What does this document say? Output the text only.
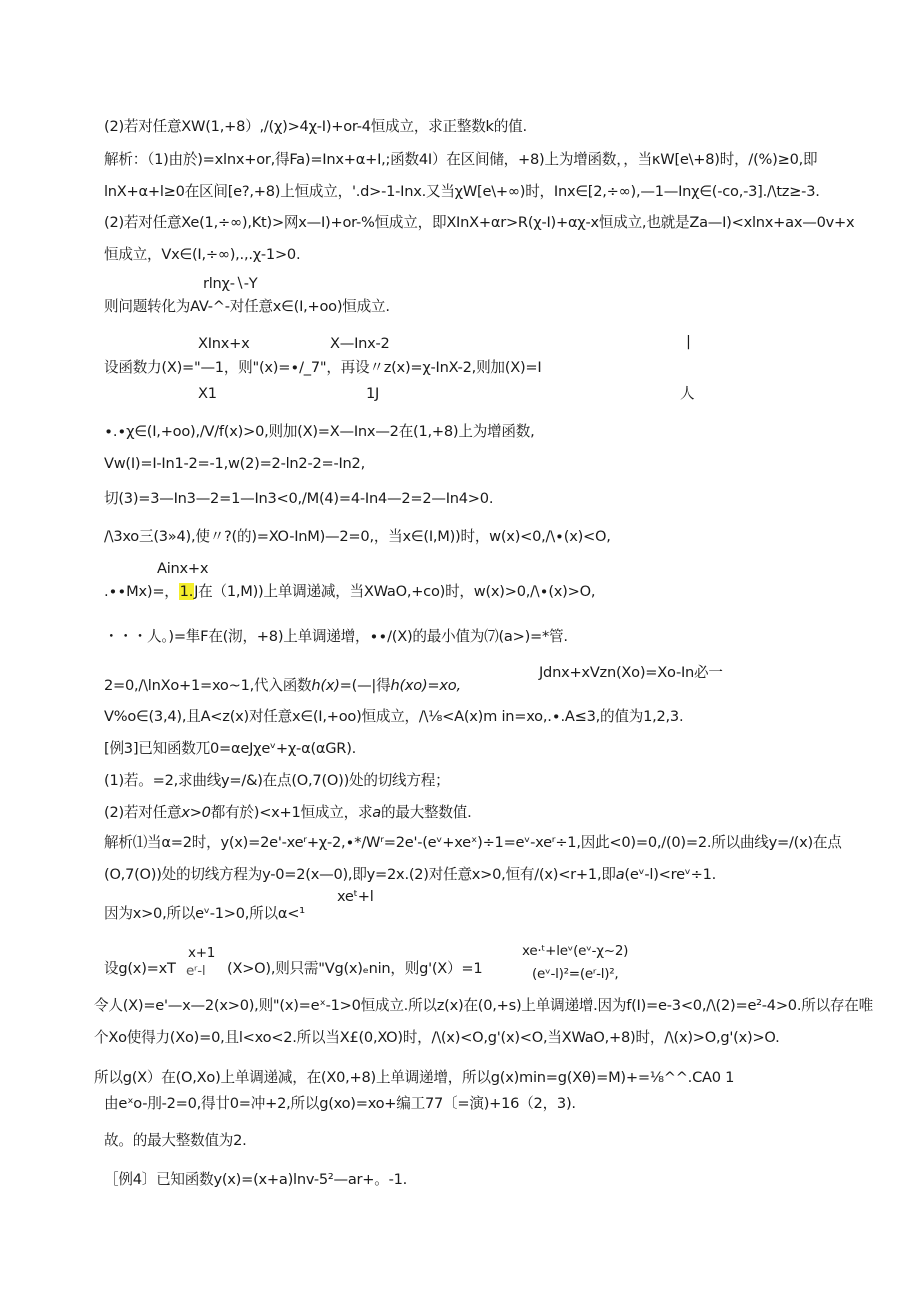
(2)若对任意XW(1,+8）,/(χ)>4χ-I)+or-4恒成立，求正整数k的值.
解析：（1)由於)=xlnx+or,得Fa)=Inx+α+I,;函数4I）在区间储，+8)上为增函数，，当κW[e\+8)时，/(%)≥0,即
lnX+α+l≥0在区间[e?,+8)上恒成立，'.d>-1-Inx.又当χW[e\+∞)时，Inx∈[2,÷∞),—1—Inχ∈(-co,-3].∕\tz≥-3.
(2)若对任意Xe(1,÷∞),Kt)>网x—I)+or-%恒成立，即XInX+αr>R(χ-I)+αχ-x恒成立,也就是Za—I)<xlnx+ax—0v+x
恒成立，Vx∈(I,÷∞),.,.χ-1>0.
rlnχ-∖-Y
则问题转化为AV-^-对任意x∈(I,+oo)恒成立.
XInx+x	X—Inx-2	|
设函数力(X)="—1，则"(x)=∙/_7"，再设〃z(x)=χ-InX-2,则加(X)=I
X1	1J	人
∙.∙χ∈(I,+oo),∕V∕f(x)>0,则加(X)=X—Inx—2在(1,+8)上为增函数,
Vw(I)=I-In1-2=-1,w(2)=2-ln2-2=-In2,
切(3)=3—In3—2=1—In3<0,∕M(4)=4-In4—2=2—In4>0.
∕\3xo三(3»4),使〃?(的)=XO-InM)—2=0,，当x∈(I,M))时，w(x)<0,∕\∙(x)<O,
Ainx+x
.∙∙Mx)=，1.J在（1,M))上单调递减，当XWaO,+co)时，w(x)>0,∕\∙(x)>O,
・・・人。)=隼F在(沏，+8)上单调递增，∙∙/(X)的最小值为⑺(a>)=*管.
Jdnx+xVzn(Xo)=Xo-In必一
2=0,∕\lnXo+1=xo~1,代入函数h(x)=(—|得h(xo)=xo,
V%o∈(3,4),且A<z(x)对任意x∈(I,+oo)恒成立，∕\⅛<A(x)m in=xo,.∙.A≤3,的值为1,2,3.
[例3]已知函数兀0=αeJχeᵛ+χ-α(αGR).
(1)若。=2,求曲线y=/&)在点(O,7(O))处的切线方程；
(2)若对任意x>0都有於)<x+1恒成立，求a的最大整数值.
解析⑴当α=2时，y(x)=2e'-xeʳ+χ-2,∙*∕Wʳ=2e'-(eᵛ+xeˣ)÷1=eᵛ-xeʳ÷1,因此<0)=0,/(0)=2.所以曲线y=/(x)在点
(O,7(O))处的切线方程为y-0=2(x—0),即y=2x.(2)对任意x>0,恒有/(x)<r+1,即a(eᵛ-l)<reᵛ÷1.
xeᵗ+l
因为x>0,所以eᵛ-1>0,所以α<¹
x+1	xe·ᵗ+leᵛ(eᵛ-χ~2)
设g(x)=xT eʳ-l (X>O),则只需"Vg(x)ₑnin，则g'(X）=1	(eᵛ-l)²=(eʳ-l)²,
令人(X)=e'—x—2(x>0),则"(x)=eˣ-1>0恒成立.所以z(x)在(0,+s)上单调递增.因为f(I)=e-3<0,∕\(2)=e²-4>0.所以存在唯
个Xo使得力(Xo)=0,且l<xo<2.所以当X£(0,XO)时，∕\(x)<O,g'(x)<O,当XWaO,+8)时，∕\(x)>O,g'(x)>O.
所以g(X）在(O,Xo)上单调递减，在(X0,+8)上单调递增，所以g(x)min=g(Xθ)=M)+=⅛^^.CA0 1
由eˣo-刖-2=0,得廿0=冲+2,所以g(xo)=xo+编工77〔=演)+16（2，3).
故。的最大整数值为2.
［例4〕已知函数y(x)=(x+a)lnv-5²—ar+。-1.
